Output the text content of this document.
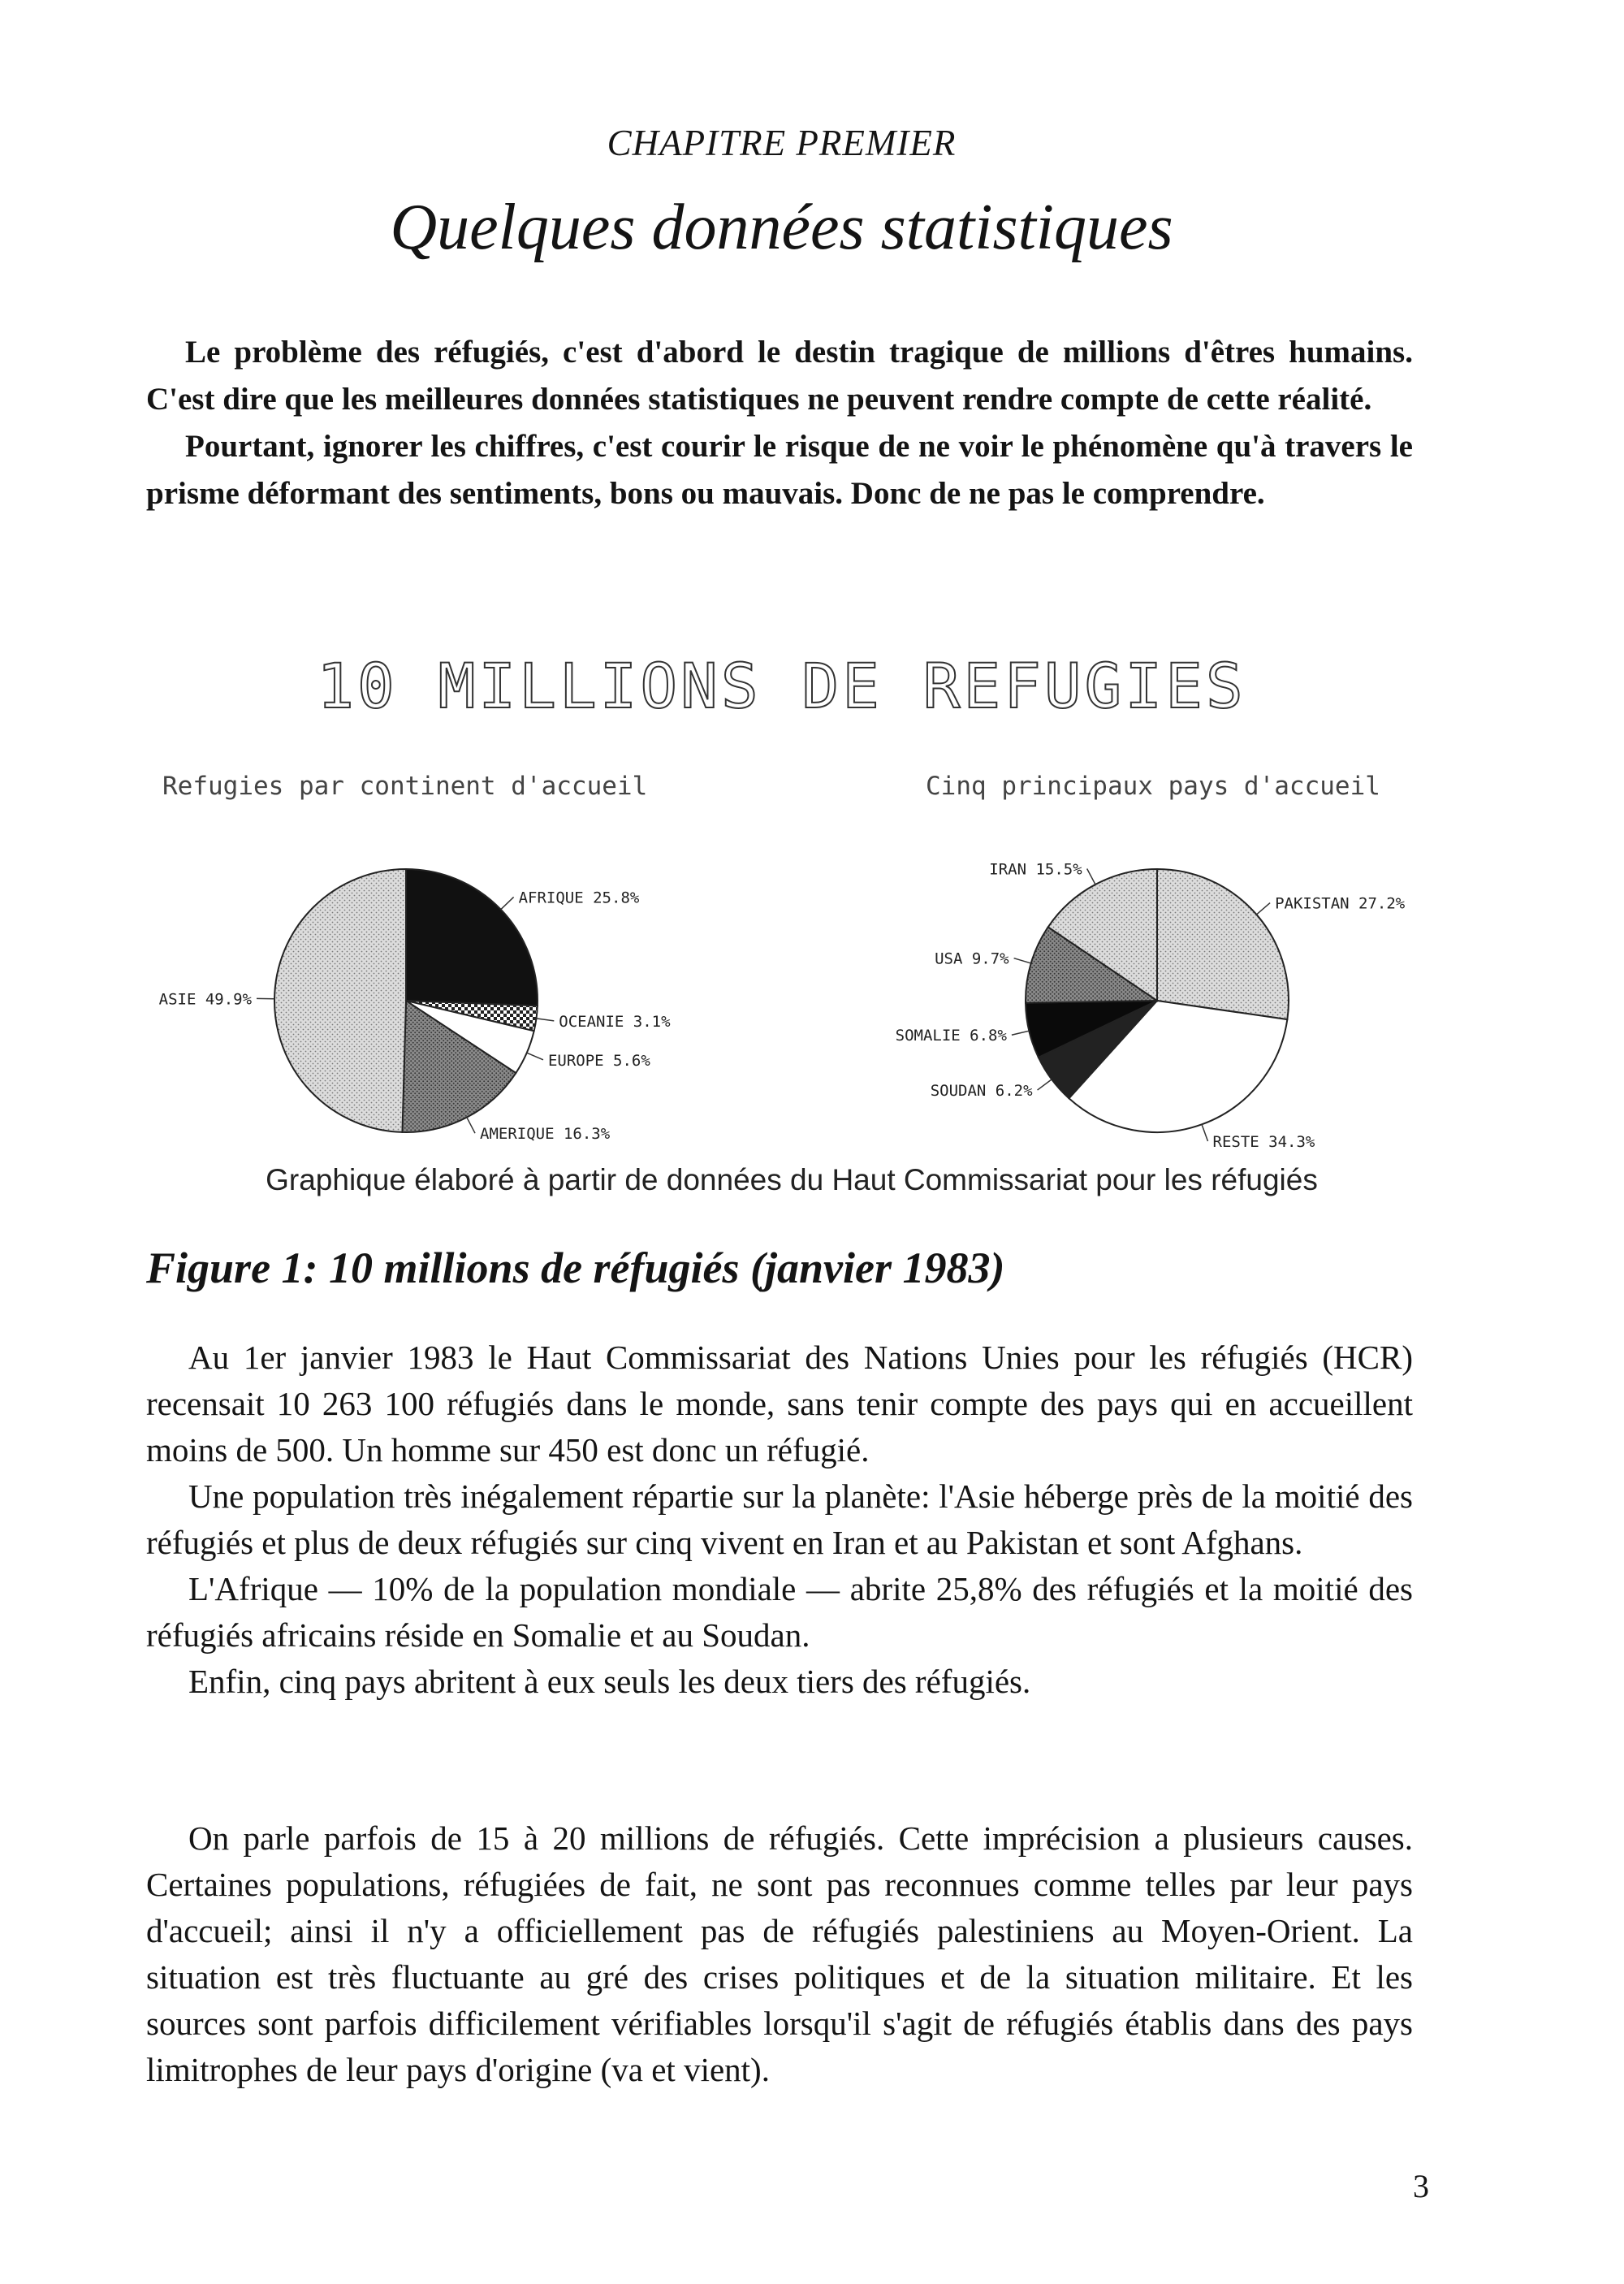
CHAPITRE PREMIER
Quelques données statistiques

Le problème des réfugiés, c'est d'abord le destin tragique de millions d'êtres humains. C'est dire que les meilleures données statistiques ne peuvent rendre compte de cette réalité.

Pourtant, ignorer les chiffres, c'est courir le risque de ne voir le phénomène qu'à travers le prisme déformant des sentiments, bons ou mauvais. Donc de ne pas le comprendre.

10 MILLIONS DE REFUGIES
Refugies par continent d'accueil	Cinq principaux pays d'accueil
AFRIQUE 25.8%
OCEANIE 3.1%
EUROPE 5.6%
AMERIQUE 16.3%
ASIE 49.9%
PAKISTAN 27.2%
RESTE 34.3%
SOUDAN 6.2%
SOMALIE 6.8%
USA 9.7%
IRAN 15.5%
Graphique élaboré à partir de données du Haut Commissariat pour les réfugiés
Figure 1: 10 millions de réfugiés (janvier 1983)

Au 1er janvier 1983 le Haut Commissariat des Nations Unies pour les réfugiés (HCR) recensait 10 263 100 réfugiés dans le monde, sans tenir compte des pays qui en accueillent moins de 500. Un homme sur 450 est donc un réfugié.

Une population très inégalement répartie sur la planète: l'Asie héberge près de la moitié des réfugiés et plus de deux réfugiés sur cinq vivent en Iran et au Pakistan et sont Afghans.

L'Afrique — 10% de la population mondiale — abrite 25,8% des réfugiés et la moitié des réfugiés africains réside en Somalie et au Soudan.

Enfin, cinq pays abritent à eux seuls les deux tiers des réfugiés.

On parle parfois de 15 à 20 millions de réfugiés. Cette imprécision a plusieurs causes. Certaines populations, réfugiées de fait, ne sont pas reconnues comme telles par leur pays d'accueil; ainsi il n'y a officiellement pas de réfugiés palestiniens au Moyen-Orient. La situation est très fluctuante au gré des crises politiques et de la situation militaire. Et les sources sont parfois difficilement vérifiables lorsqu'il s'agit de réfugiés établis dans des pays limitrophes de leur pays d'origine (va et vient).

3
